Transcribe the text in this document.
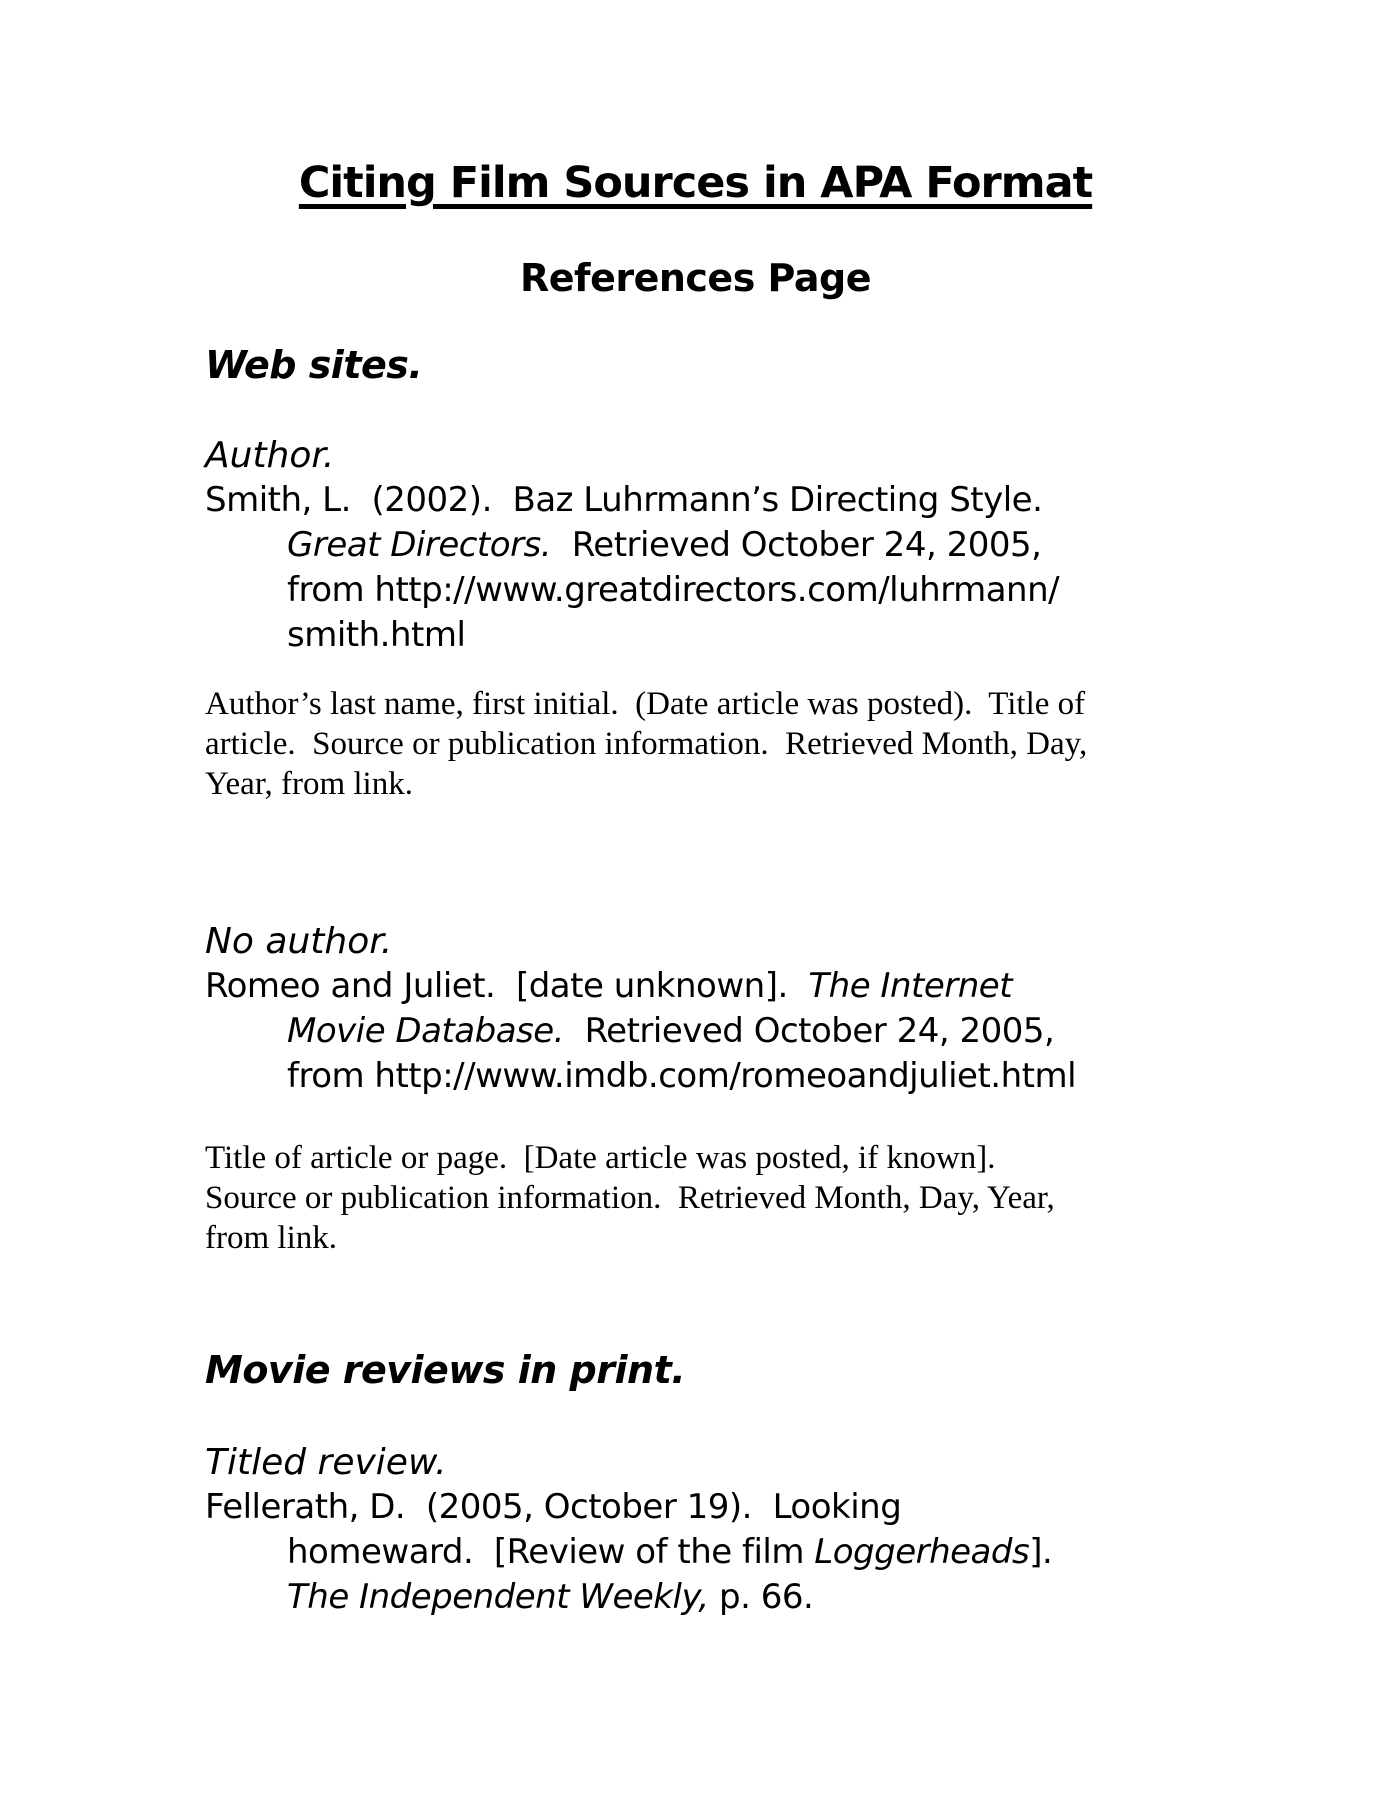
Citing Film Sources in APA Format
References Page
Web sites.
Author.
Smith, L.  (2002).  Baz Luhrmann’s Directing Style.
Great Directors.  Retrieved October 24, 2005,
from http://www.greatdirectors.com/luhrmann/
smith.html
Author’s last name, first initial.  (Date article was posted).  Title of
article.  Source or publication information.  Retrieved Month, Day,
Year, from link.
No author.
Romeo and Juliet.  [date unknown].  The Internet
Movie Database.  Retrieved October 24, 2005,
from http://www.imdb.com/romeoandjuliet.html
Title of article or page.  [Date article was posted, if known].
Source or publication information.  Retrieved Month, Day, Year,
from link.
Movie reviews in print.
Titled review.
Fellerath, D.  (2005, October 19).  Looking
homeward.  [Review of the film Loggerheads].
The Independent Weekly, p. 66.
